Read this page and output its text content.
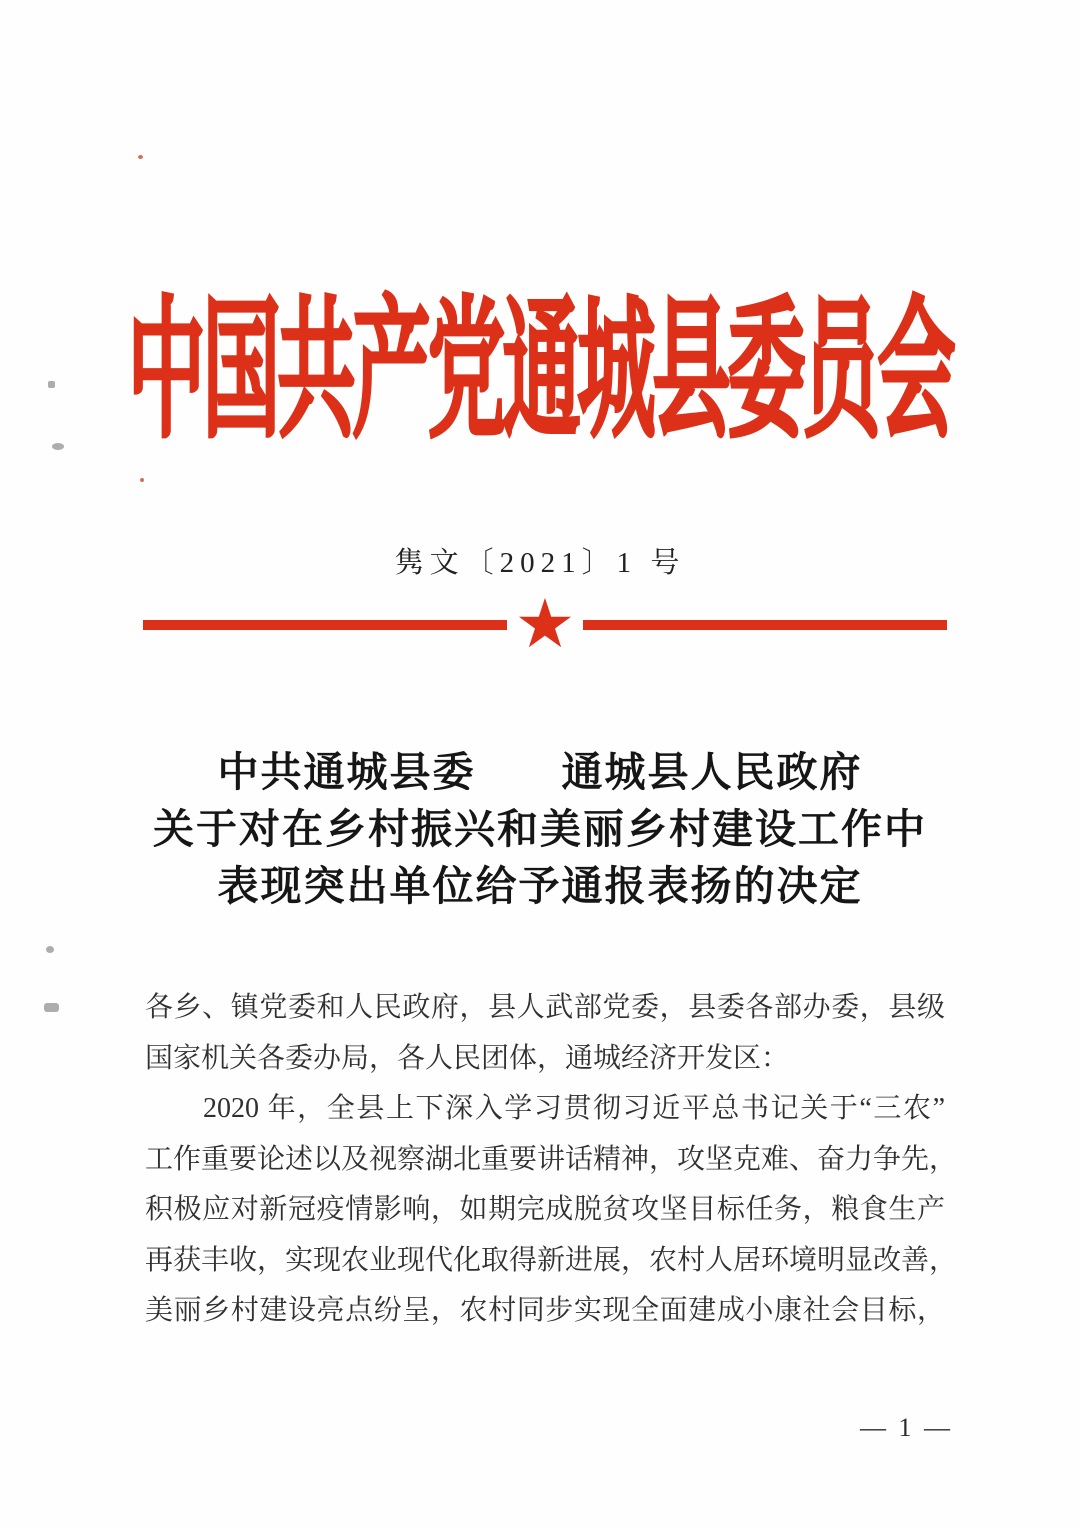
中国共产党通城县委员会
隽文〔2021〕1 号
★
中共通城县委　　通城县人民政府
关于对在乡村振兴和美丽乡村建设工作中
表现突出单位给予通报表扬的决定
各乡、镇党委和人民政府，县人武部党委，县委各部办委，县级
国家机关各委办局，各人民团体，通城经济开发区：
2020 年，全县上下深入学习贯彻习近平总书记关于“三农”
工作重要论述以及视察湖北重要讲话精神，攻坚克难、奋力争先，
积极应对新冠疫情影响，如期完成脱贫攻坚目标任务，粮食生产
再获丰收，实现农业现代化取得新进展，农村人居环境明显改善，
美丽乡村建设亮点纷呈，农村同步实现全面建成小康社会目标，
— 1 —
